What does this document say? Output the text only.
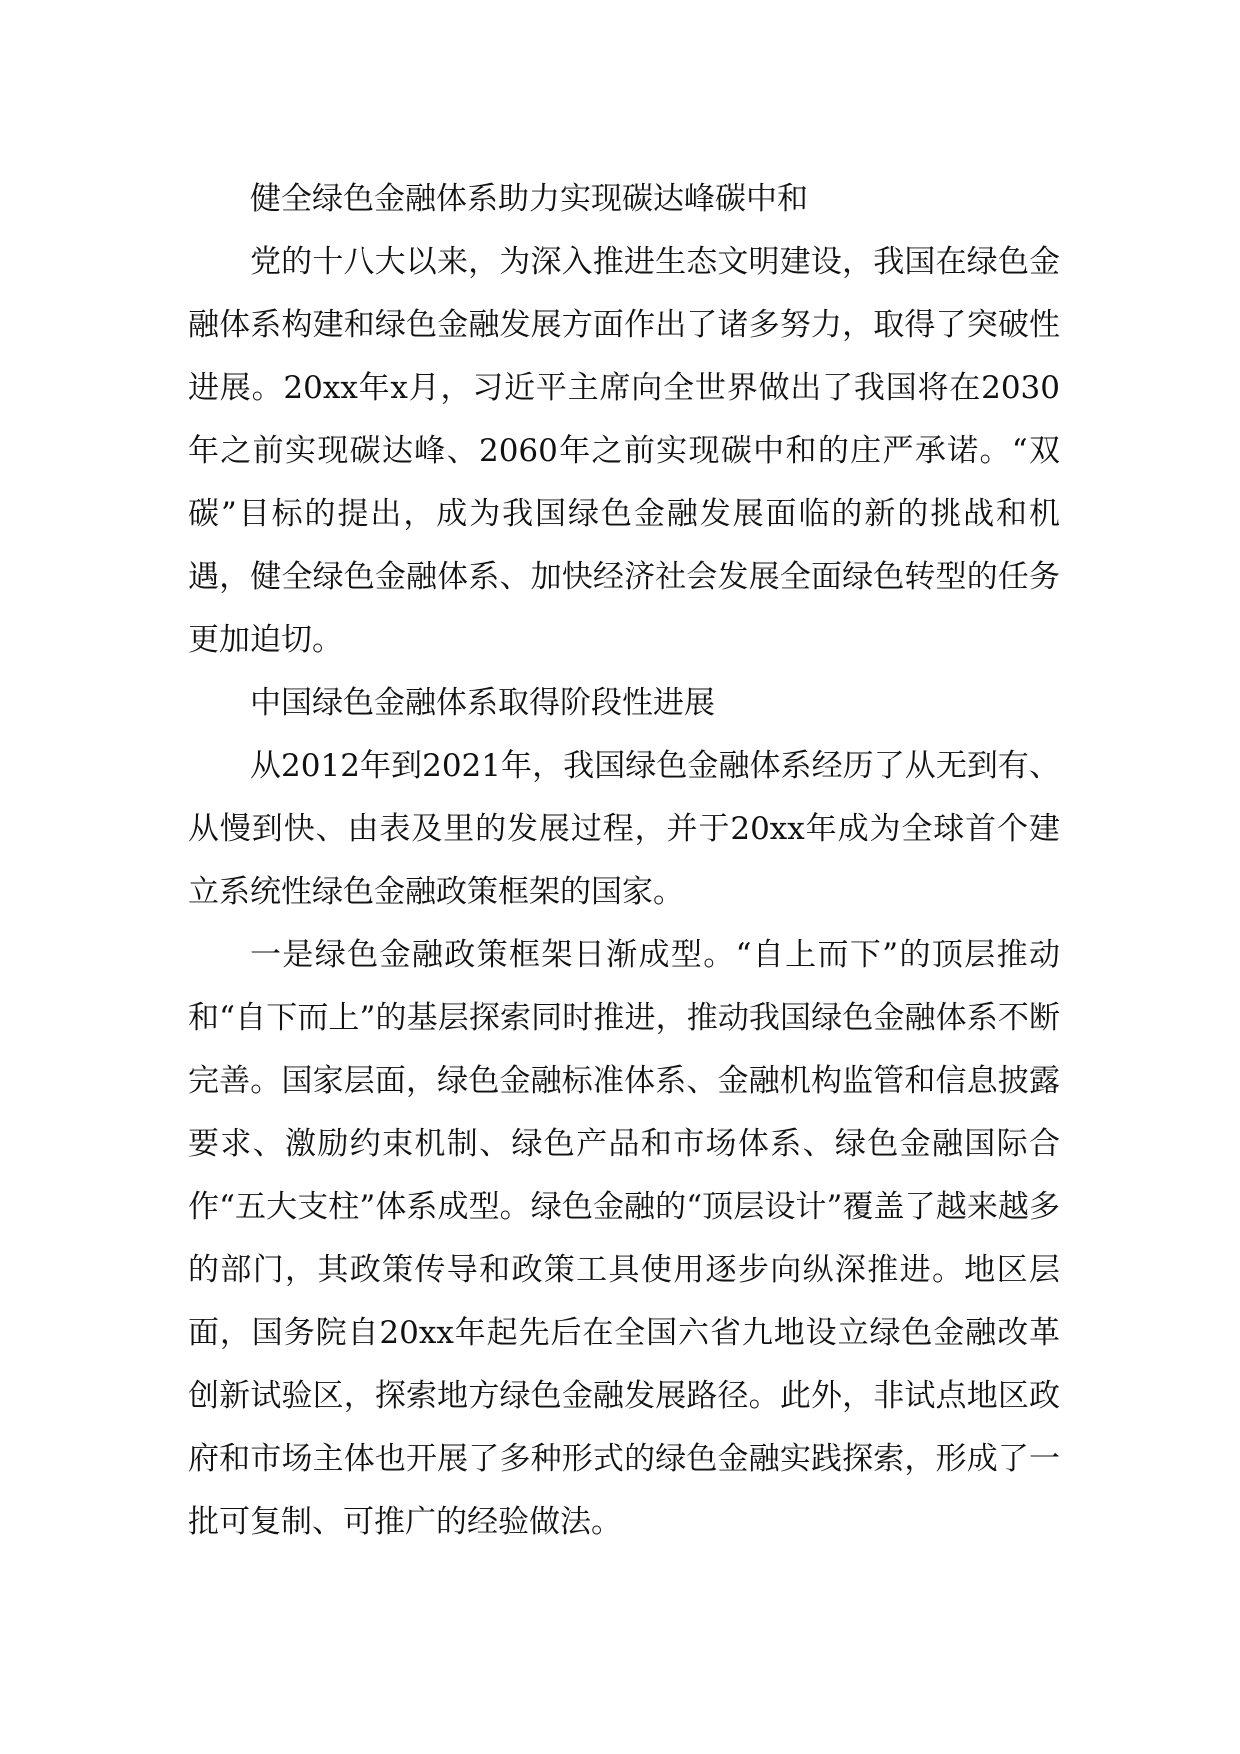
健全绿色金融体系助力实现碳达峰碳中和

党的十八大以来，为深入推进生态文明建设，我国在绿色金融体系构建和绿色金融发展方面作出了诸多努力，取得了突破性进展。20xx年x月，习近平主席向全世界做出了我国将在2030年之前实现碳达峰、2060年之前实现碳中和的庄严承诺。“双碳”目标的提出，成为我国绿色金融发展面临的新的挑战和机遇，健全绿色金融体系、加快经济社会发展全面绿色转型的任务更加迫切。

中国绿色金融体系取得阶段性进展

从2012年到2021年，我国绿色金融体系经历了从无到有、从慢到快、由表及里的发展过程，并于20xx年成为全球首个建立系统性绿色金融政策框架的国家。

一是绿色金融政策框架日渐成型。“自上而下”的顶层推动和“自下而上”的基层探索同时推进，推动我国绿色金融体系不断完善。国家层面，绿色金融标准体系、金融机构监管和信息披露要求、激励约束机制、绿色产品和市场体系、绿色金融国际合作“五大支柱”体系成型。绿色金融的“顶层设计”覆盖了越来越多的部门，其政策传导和政策工具使用逐步向纵深推进。地区层面，国务院自20xx年起先后在全国六省九地设立绿色金融改革创新试验区，探索地方绿色金融发展路径。此外，非试点地区政府和市场主体也开展了多种形式的绿色金融实践探索，形成了一批可复制、可推广的经验做法。
